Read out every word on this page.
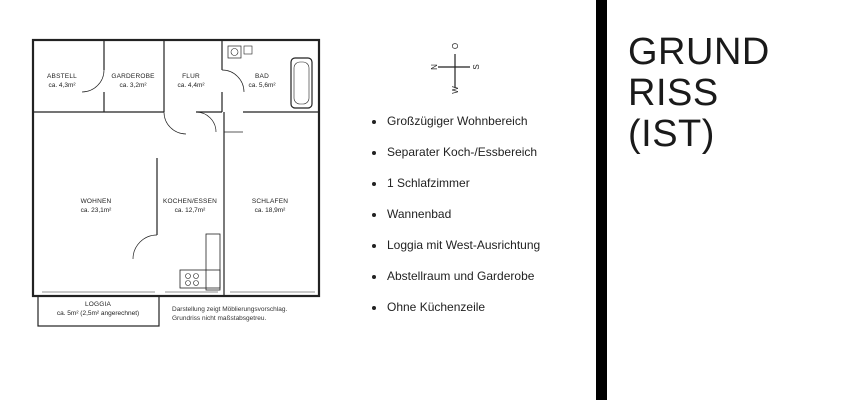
ABSTELL
ca. 4,3m²
GARDEROBE
ca. 3,2m²
FLUR
ca. 4,4m²
BAD
ca. 5,6m²
WOHNEN
ca. 23,1m²
KOCHEN/ESSEN
ca. 12,7m²
SCHLAFEN
ca. 18,9m²
LOGGIA
ca. 5m² (2,5m² angerechnet)
Darstellung zeigt Möblierungsvorschlag.
Grundriss nicht maßstabsgetreu.
N
O
S
W
Großzügiger Wohnbereich
Separater Koch-/Essbereich
1 Schlafzimmer
Wannenbad
Loggia mit West-Ausrichtung
Abstellraum und Garderobe
Ohne Küchenzeile
GRUND
RISS
(IST)
